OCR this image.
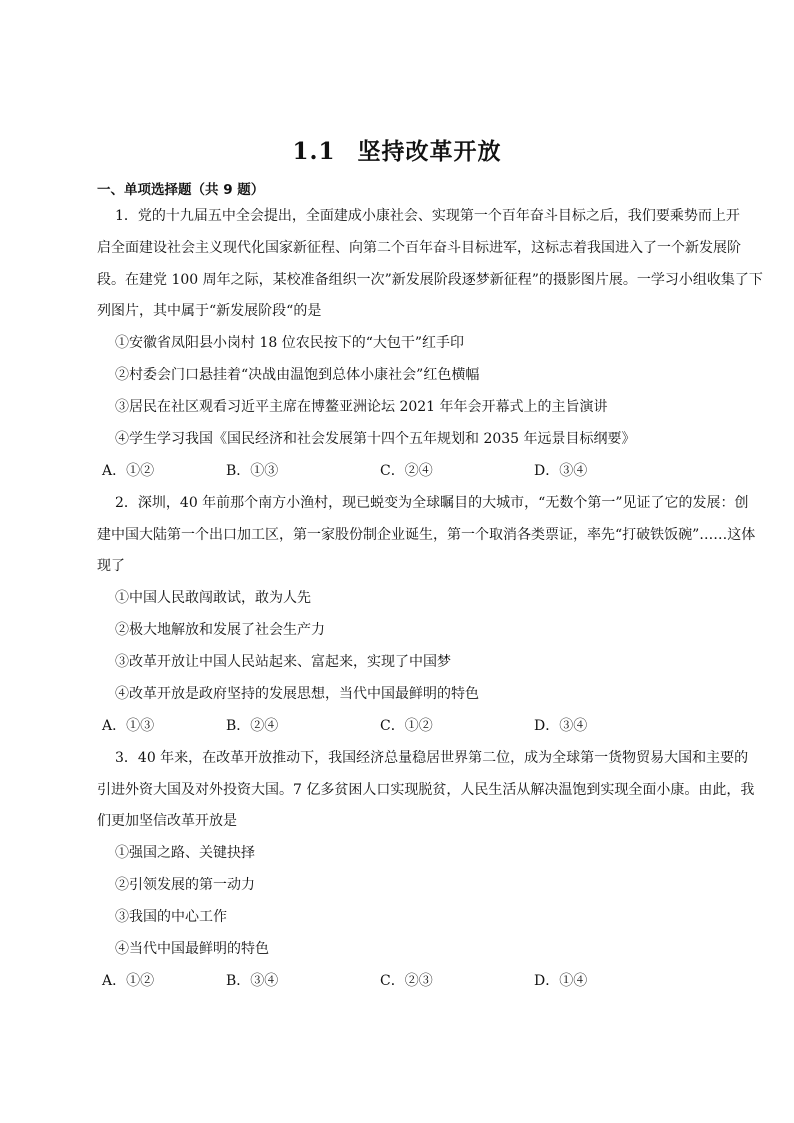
1.1 坚持改革开放
一、单项选择题（共 9 题）
1．党的十九届五中全会提出，全面建成小康社会、实现第一个百年奋斗目标之后，我们要乘势而上开
启全面建设社会主义现代化国家新征程、向第二个百年奋斗目标进军，这标志着我国进入了一个新发展阶
段。在建党 100 周年之际，某校准备组织一次”新发展阶段逐梦新征程”的摄影图片展。一学习小组收集了下
列图片，其中属于“新发展阶段“的是
①安徽省凤阳县小岗村 18 位农民按下的“大包干”红手印
②村委会门口悬挂着“决战由温饱到总体小康社会”红色横幅
③居民在社区观看习近平主席在博鳌亚洲论坛 2021 年年会开幕式上的主旨演讲
④学生学习我国《国民经济和社会发展第十四个五年规划和 2035 年远景目标纲要》
A．①②	B．①③	C．②④	D．③④
2．深圳，40 年前那个南方小渔村，现已蜕变为全球瞩目的大城市，“无数个第一”见证了它的发展：创
建中国大陆第一个出口加工区，第一家股份制企业诞生，第一个取消各类票证，率先“打破铁饭碗”……这体
现了
①中国人民敢闯敢试，敢为人先
②极大地解放和发展了社会生产力
③改革开放让中国人民站起来、富起来，实现了中国梦
④改革开放是政府坚持的发展思想，当代中国最鲜明的特色
A．①③	B．②④	C．①②	D．③④
3．40 年来，在改革开放推动下，我国经济总量稳居世界第二位，成为全球第一货物贸易大国和主要的
引进外资大国及对外投资大国。7 亿多贫困人口实现脱贫，人民生活从解决温饱到实现全面小康。由此，我
们更加坚信改革开放是
①强国之路、关键抉择
②引领发展的第一动力
③我国的中心工作
④当代中国最鲜明的特色
A．①②	B．③④	C．②③	D．①④
